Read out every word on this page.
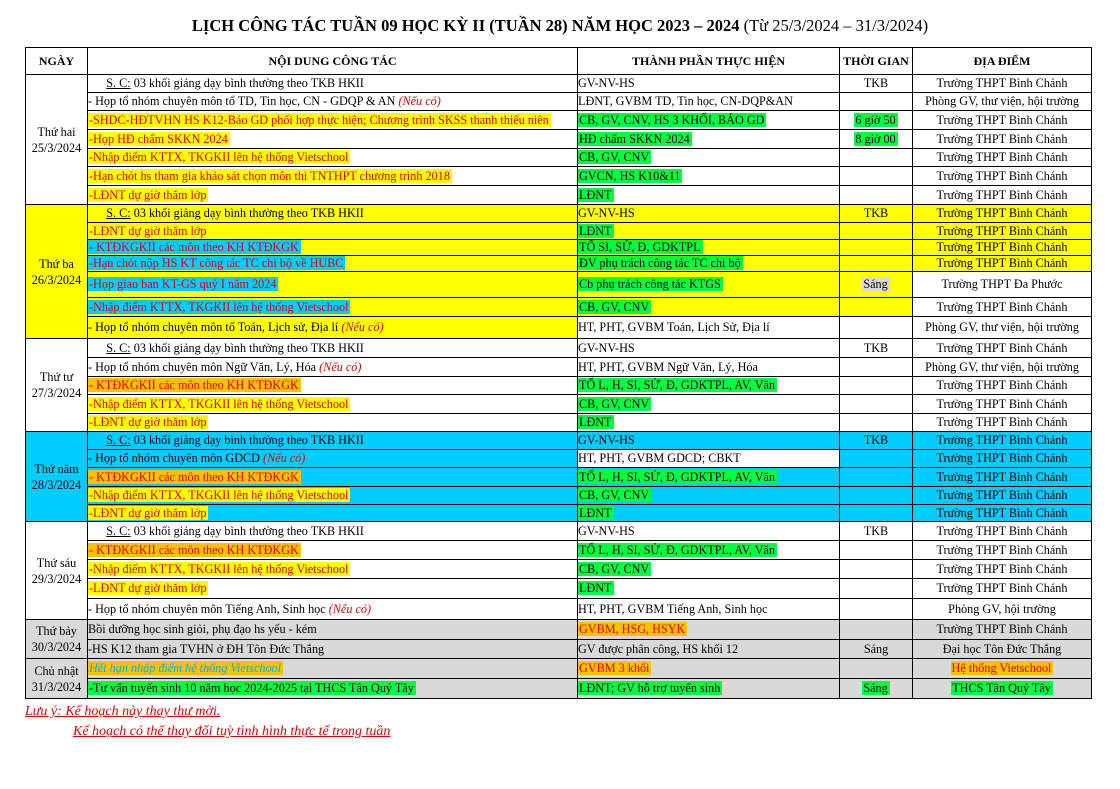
LỊCH CÔNG TÁC TUẦN 09 HỌC KỲ II (TUẦN 28) NĂM HỌC 2023 – 2024 (Từ 25/3/2024 – 31/3/2024)
NGÀY	NỘI DUNG CÔNG TÁC	THÀNH PHẦN THỰC HIỆN	THỜI GIAN	ĐỊA ĐIỂM

Thứ hai
25/3/2024	S. C: 03 khối giảng dạy bình thường theo TKB HKII	GV-NV-HS	TKB	Trường THPT Bình Chánh
	- Họp tổ nhóm chuyên môn tổ TD, Tin học, CN - GDQP & AN (Nếu có)	LĐNT, GVBM TD, Tin học, CN-DQP&AN		Phòng GV, thư viện, hội trường
	-SHDC-HĐTVHN HS K12-Báo GD phối hợp thực hiện; Chương trình SKSS thanh thiếu niên	CB, GV, CNV, HS 3 KHỐI, BÁO GD	6 giờ 50	Trường THPT Bình Chánh
	-Họp HĐ chấm SKKN 2024	HĐ chấm SKKN 2024	8 giờ 00	Trường THPT Bình Chánh
	-Nhập điểm KTTX, TKGKII lên hệ thống Vietschool	CB, GV, CNV		Trường THPT Bình Chánh
	-Hạn chót hs tham gia khảo sát chọn môn thi TNTHPT chương trình 2018	GVCN, HS K10&11		Trường THPT Bình Chánh
	-LĐNT dự giờ thăm lớp	LĐNT		Trường THPT Bình Chánh

Thứ ba
26/3/2024	S. C: 03 khối giảng dạy bình thường theo TKB HKII	GV-NV-HS	TKB	Trường THPT Bình Chánh
	-LĐNT dự giờ thăm lớp	LĐNT		Trường THPT Bình Chánh
	- KTĐKGKII các môn theo KH KTĐKGK	TỔ SI, SỬ, Đ, GDKTPL		Trường THPT Bình Chánh
	-Hạn chót nộp HS KT công tác TC chi bộ về HUBC	ĐV phụ trách công tác TC chi bộ		Trường THPT Bình Chánh
	-Họp giao ban KT-GS quý I năm 2024	Cb phụ trách công tác KTGS	Sáng	Trường THPT Đa Phước
	-Nhập điểm KTTX, TKGKII lên hệ thống Vietschool	CB, GV, CNV		Trường THPT Bình Chánh
	- Họp tổ nhóm chuyên môn tổ Toán, Lịch sử, Địa lí (Nếu có)	HT, PHT, GVBM Toán, Lịch Sử, Địa lí		Phòng GV, thư viện, hội trường

Thứ tư
27/3/2024	S. C: 03 khối giảng dạy bình thường theo TKB HKII	GV-NV-HS	TKB	Trường THPT Bình Chánh
	- Họp tổ nhóm chuyên môn Ngữ Văn, Lý, Hóa (Nếu có)	HT, PHT, GVBM Ngữ Văn, Lý, Hóa		Phòng GV, thư viện, hội trường
	- KTĐKGKII các môn theo KH KTĐKGK	TỔ L, H, SI, SỬ, Đ, GDKTPL, AV, Văn		Trường THPT Bình Chánh
	-Nhập điểm KTTX, TKGKII lên hệ thống Vietschool	CB, GV, CNV		Trường THPT Bình Chánh
	-LĐNT dự giờ thăm lớp	LĐNT		Trường THPT Bình Chánh

Thứ năm
28/3/2024	S. C: 03 khối giảng dạy bình thường theo TKB HKII	GV-NV-HS	TKB	Trường THPT Bình Chánh
	- Họp tổ nhóm chuyên môn GDCD (Nếu có)	HT, PHT, GVBM GDCD; CBKT		Trường THPT Bình Chánh
	- KTĐKGKII các môn theo KH KTĐKGK	TỔ L, H, SI, SỬ, Đ, GDKTPL, AV, Văn		Trường THPT Bình Chánh
	-Nhập điểm KTTX, TKGKII lên hệ thống Vietschool	CB, GV, CNV		Trường THPT Bình Chánh
	-LĐNT dự giờ thăm lớp	LĐNT		Trường THPT Bình Chánh

Thứ sáu
29/3/2024	S. C: 03 khối giảng dạy bình thường theo TKB HKII	GV-NV-HS	TKB	Trường THPT Bình Chánh
	- KTĐKGKII các môn theo KH KTĐKGK	TỔ L, H, SI, SỬ, Đ, GDKTPL, AV, Văn		Trường THPT Bình Chánh
	-Nhập điểm KTTX, TKGKII lên hệ thống Vietschool	CB, GV, CNV		Trường THPT Bình Chánh
	-LĐNT dự giờ thăm lớp	LĐNT		Trường THPT Bình Chánh
	- Họp tổ nhóm chuyên môn Tiếng Anh, Sinh học (Nếu có)	HT, PHT, GVBM Tiếng Anh, Sinh học		Phòng GV, hội trường

Thứ bảy
30/3/2024	Bồi dưỡng học sinh giỏi, phụ đạo hs yếu - kém	GVBM, HSG, HSYK		Trường THPT Bình Chánh
	-HS K12 tham gia TVHN ở ĐH Tôn Đức Thắng	GV được phân công, HS khối 12	Sáng	Đại học Tôn Đức Thắng

Chủ nhật
31/3/2024	Hết hạn nhập điểm hệ thống Vietschool	GVBM 3 khối		Hệ thống Vietschool
	-Tư vấn tuyển sinh 10 năm học 2024-2025 tại THCS Tân Quý Tây	LĐNT; GV hỗ trợ tuyển sinh	Sáng	THCS Tân Quý Tây
Lưu ý: Kế hoạch này thay thư mời.
Kế hoạch có thể thay đổi tuỳ tình hình thực tế trong tuần
